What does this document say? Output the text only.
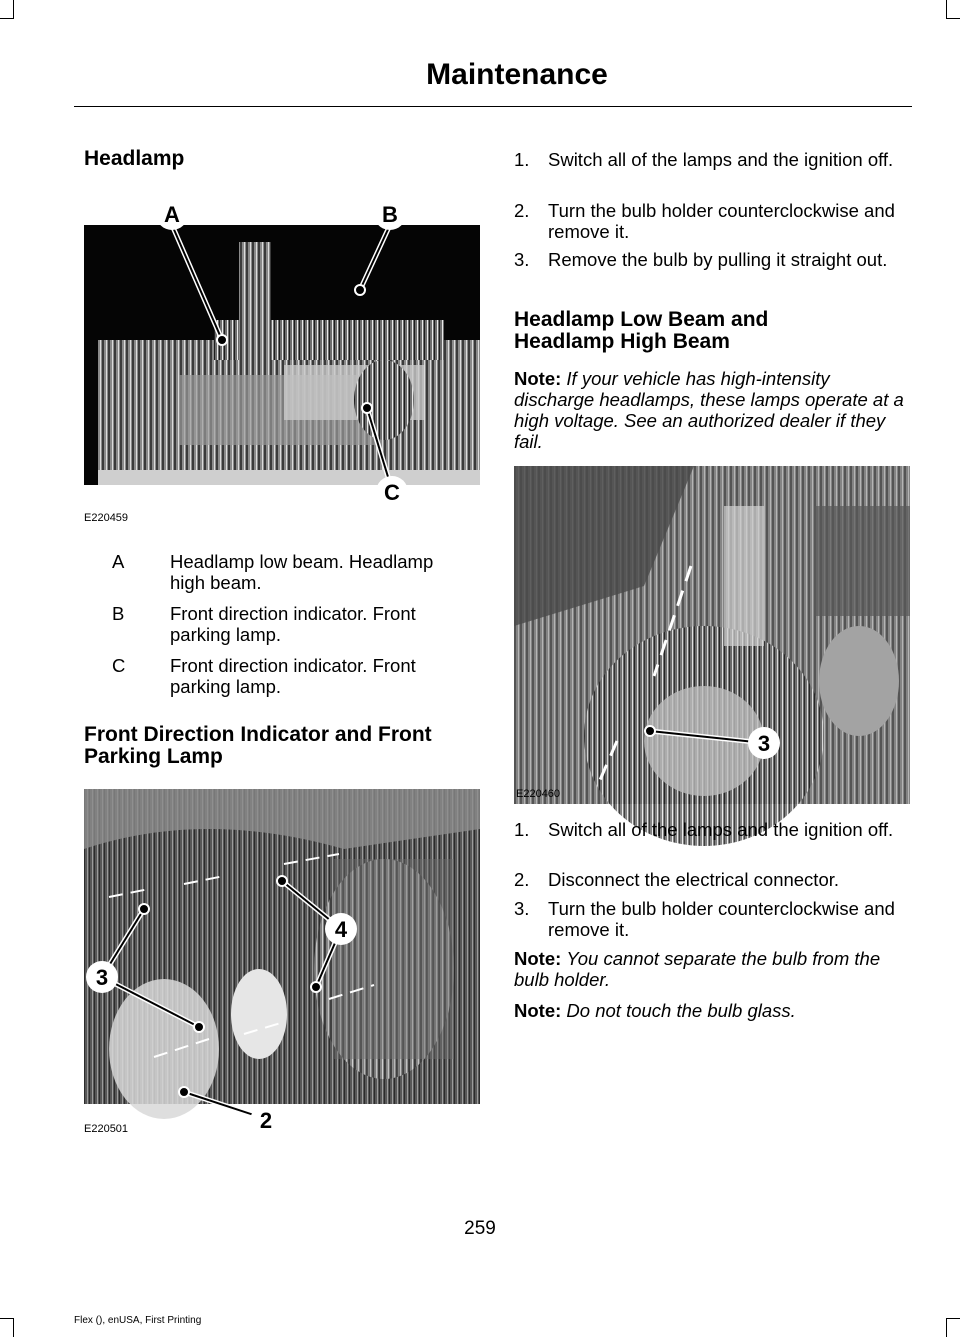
Maintenance
Headlamp
A	B
C
E220459
A Headlamp low beam. Headlamp high beam.
B Front direction indicator. Front parking lamp.
C Front direction indicator. Front parking lamp.
Front Direction Indicator and Front Parking Lamp
4
3
2
E220501
1. Switch all of the lamps and the ignition off.
2. Turn the bulb holder counterclockwise and remove it.
3. Remove the bulb by pulling it straight out.
Headlamp Low Beam and Headlamp High Beam
Note: If your vehicle has high-intensity discharge headlamps, these lamps operate at a high voltage. See an authorized dealer if they fail.
3
E220460
1. Switch all of the lamps and the ignition off.
2. Disconnect the electrical connector.
3. Turn the bulb holder counterclockwise and remove it.
Note: You cannot separate the bulb from the bulb holder.
Note: Do not touch the bulb glass.
259
Flex (), enUSA, First Printing
